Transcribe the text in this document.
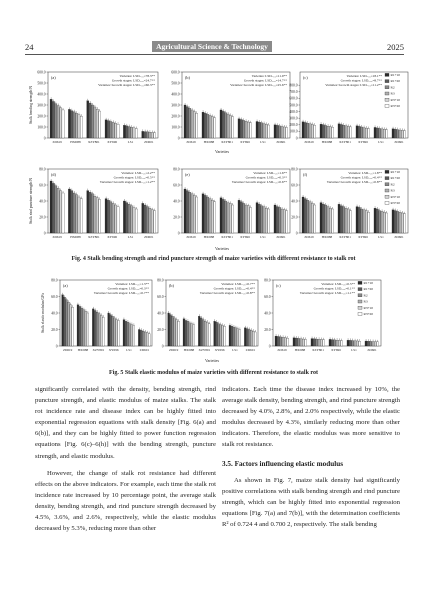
24	Agricultural Science & Technology	2025
(a)
0
100.0
200.0
300.0
400.0
500.0
600.0
Stalk bending strength/N
ZD619	HXD88 XZY801 XY696	LS1	ZD601
Varieties: LSDₒ.₀₅=78.3**
Growth stages: LSDₒ.₀₅=24.7**
Variaties×Growth stages: LSDₒ.₀₅=60.3**
(b)
0
100.0
200.0
300.0
400.0
500.0
600.0
ZD619 HXD88 XZY801 XY696	LS1	ZD601
Varieties: LSDₒ.₀₅=11.9**
Growth stages: LSDₒ.₀₅=14.7**
Variaties×Growth stages: LSDₒ.₀₅=25.6**
(c)
0
100.0
200.0
300.0
400.0
500.0
600.0
700.0
800.0
ZD619 HXD88 XZY801 XY696	LS1	ZD601
Varieties: LSDₒ.₀₅=18.1**
Growth stages: LSDₒ.₀₅=8.7**
Variaties×Growth stages: LSDₒ.₀₅=11.2**
R1+10
R1+20
R2
R3
R3+10
R3+20
(d)
0
20.0
40.0
60.0
80.0
Stalk rind puncture strength/N
ZD619	HXD88 XZY801 XY696	LS1	ZD601
Varieties: LSDₒ.₀₅=2.2**
Growth stages: LSDₒ.₀₅=0.5**
Variaties×Growth stages: LSDₒ.₀₅=1.2**
(e)
0
20.0
40.0
60.0
80.0
ZD619 HXD88 XZY801 XY696	LS1	ZD601
Varieties: LSDₒ.₀₅=1.6**
Growth stages: LSDₒ.₀₅=0.3**
Variaties×Growth stages: LSDₒ.₀₅=0.6**
(f)
0
20.0
40.0
60.0
80.0
ZD619 HXD88 XZY801 XY696	LS1	ZD601
Varieties: LSDₒ.₀₅=1.8**
Growth stages: LSDₒ.₀₅=0.4**
Variaties×Growth stages: LSDₒ.₀₅=0.8**
R1+10
R1+20
R2
R3
R3+10
R3+20
Varieties
Varieties
Fig. 4 Stalk bending strength and rind puncture strength of maize varieties with different resistance to stalk rot
(a)
0
20.0
40.0
60.0
80.0
Stalk elastic modulus/GPa
ZD619 HXD88 XZY801 XY696 LS1 ZD601
Varieties: LSDₒ.₀₅=1.3**
Growth stages: LSDₒ.₀₅=0.3**
Variaties×Growth stages: LSDₒ.₀₅=0.7**
(b)
0
20.0
40.0
60.0
80.0
ZD619 HXD88 XZY801 XY696 LS1 ZD601
Varieties: LSDₒ.₀₅=0.7**
Growth stages: LSDₒ.₀₅=0.4**
Variaties×Growth stages: LSDₒ.₀₅=0.8**
(c)
0
20.0
40.0
60.0
80.0
ZD619 HXD88 XZY801 XY696	LS1	ZD601
Varieties: LSDₒ.₀₅=0.5**
Growth stages: LSDₒ.₀₅=0.1**
Variaties×Growth stages: LSDₒ.₀₅=1.1**
R1+10
R1+20
R2
R3
R3+10
R3+20
Varieties
Fig. 5 Stalk elastic modulus of maize varieties with different resistance to stalk rot

significantly correlated with the density, bending strength, rind puncture strength, and elastic modulus of maize stalks. The stalk rot incidence rate and disease index can be highly fitted into exponential regression equations with stalk density [Fig. 6(a) and 6(b)], and they can be highly fitted to power function regression equations [Fig. 6(c)–6(h)] with the bending strength, puncture strength, and elastic modulus.

However, the change of stalk rot resistance had different effects on the above indicators. For example, each time the stalk rot incidence rate increased by 10 percentage point, the average stalk density, bending strength, and rind puncture strength decreased by 4.5%, 3.6%, and 2.6%, respectively, while the elastic modulus decreased by 5.3%, reducing more than other

indicators. Each time the disease index increased by 10%, the average stalk density, bending strength, and rind puncture strength decreased by 4.0%, 2.8%, and 2.0% respectively, while the elastic modulus decreased by 4.3%, similarly reducing more than other indicators. Therefore, the elastic modulus was more sensitive to stalk rot resistance.

3.5. Factors influencing elastic modulus

As shown in Fig. 7, maize stalk density had significantly positive correlations with stalk bending strength and rind puncture strength, which can be highly fitted into exponential regression equations [Fig. 7(a) and 7(b)], with the determination coefficients R² of 0.724 4 and 0.700 2, respectively. The stalk bending
